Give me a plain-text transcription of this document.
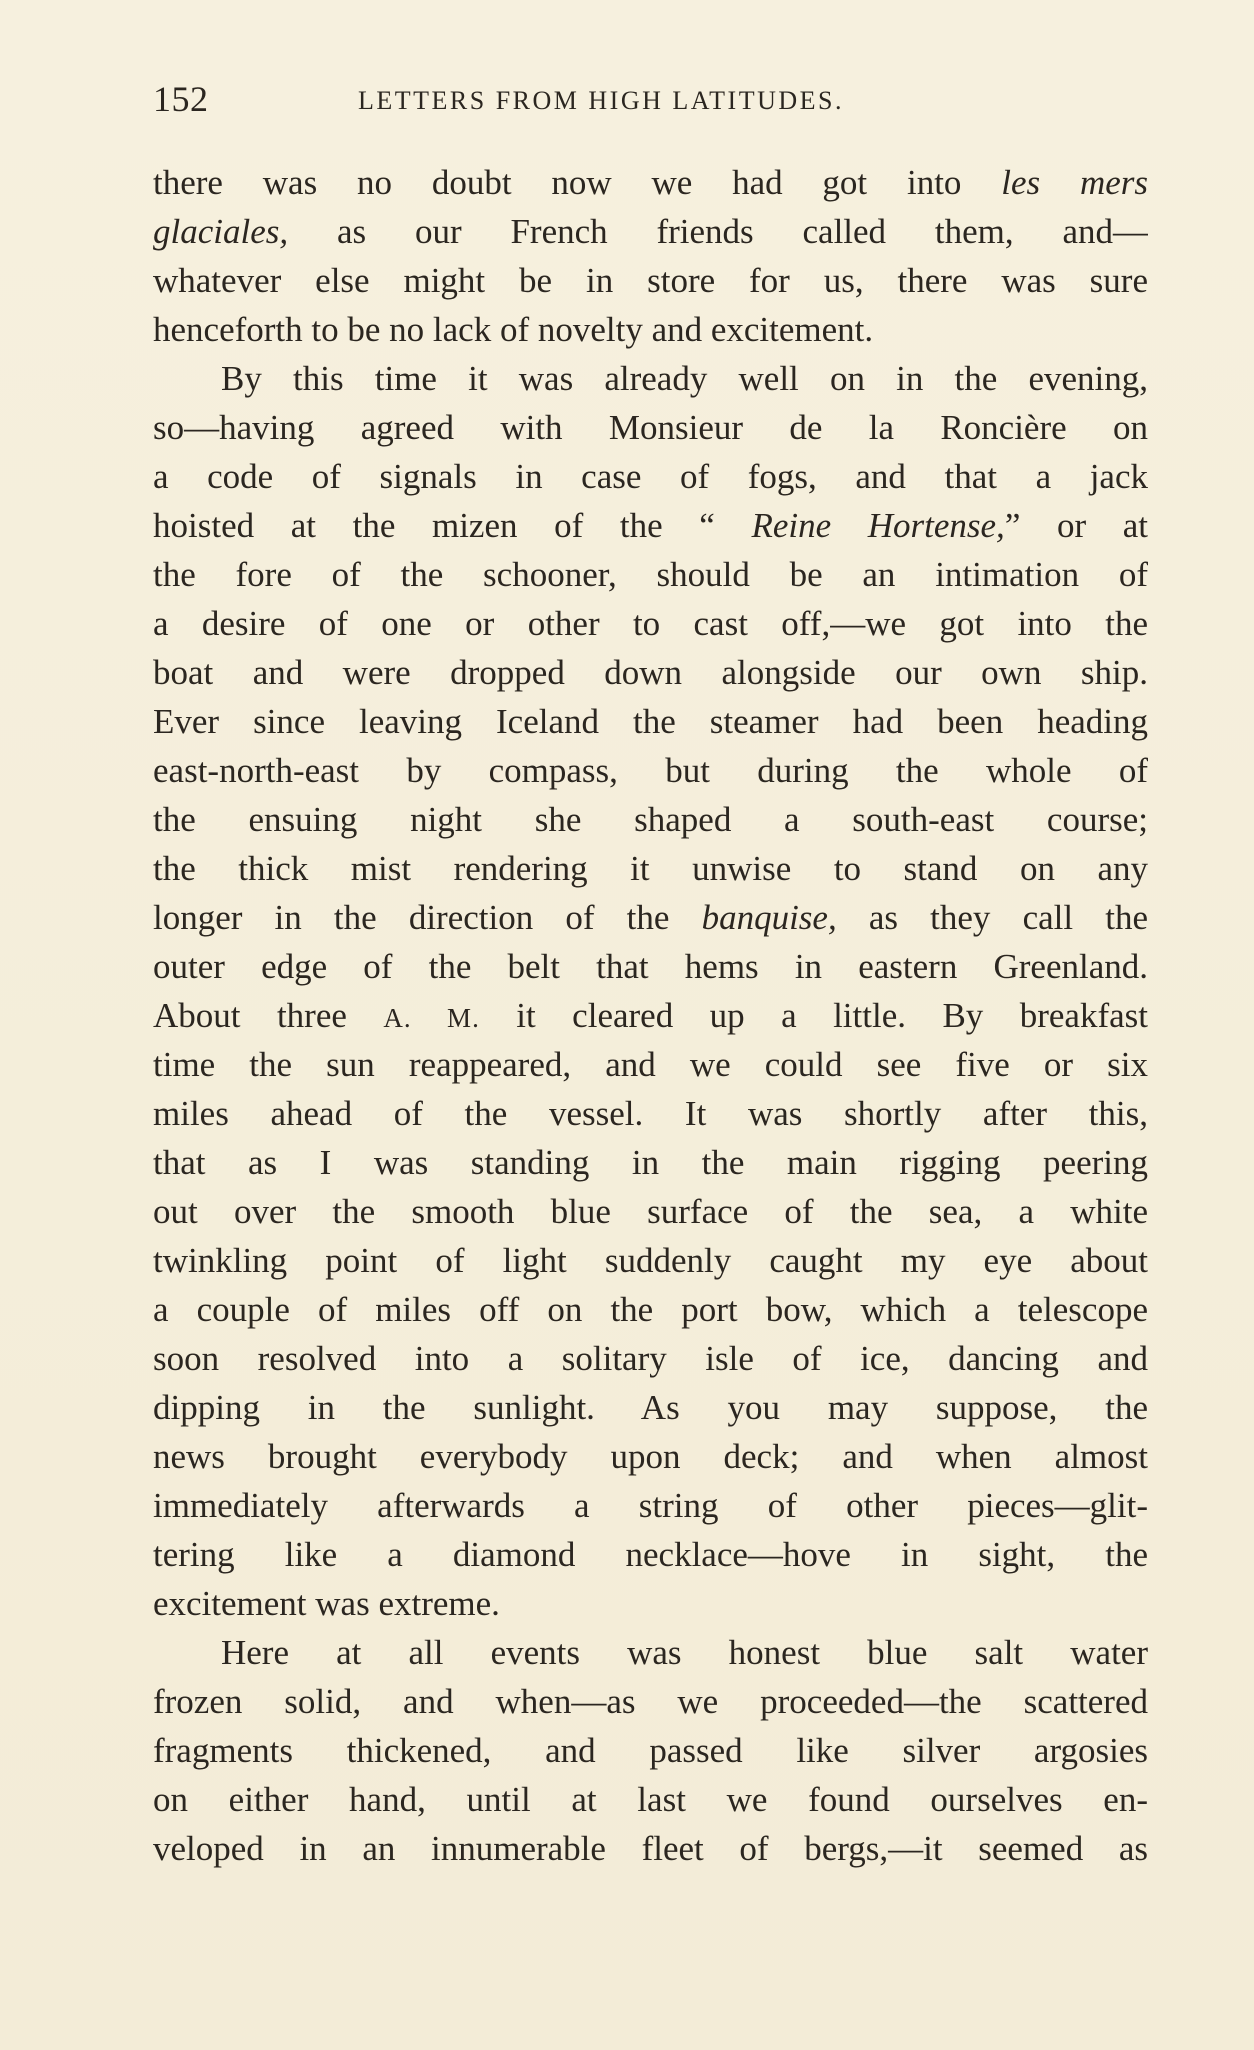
152	LETTERS FROM HIGH LATITUDES.
there was no doubt now we had got into les mers
glaciales, as our French friends called them, and—
whatever else might be in store for us, there was sure
henceforth to be no lack of novelty and excitement.
By this time it was already well on in the evening,
so—having agreed with Monsieur de la Roncière on
a code of signals in case of fogs, and that a jack
hoisted at the mizen of the “ Reine Hortense,” or at
the fore of the schooner, should be an intimation of
a desire of one or other to cast off,—we got into the
boat and were dropped down alongside our own ship.
Ever since leaving Iceland the steamer had been heading
east-north-east by compass, but during the whole of
the ensuing night she shaped a south-east course;
the thick mist rendering it unwise to stand on any
longer in the direction of the banquise, as they call the
outer edge of the belt that hems in eastern Greenland.
About three A. M. it cleared up a little. By breakfast
time the sun reappeared, and we could see five or six
miles ahead of the vessel. It was shortly after this,
that as I was standing in the main rigging peering
out over the smooth blue surface of the sea, a white
twinkling point of light suddenly caught my eye about
a couple of miles off on the port bow, which a telescope
soon resolved into a solitary isle of ice, dancing and
dipping in the sunlight. As you may suppose, the
news brought everybody upon deck; and when almost
immediately afterwards a string of other pieces—glit-
tering like a diamond necklace—hove in sight, the
excitement was extreme.
Here at all events was honest blue salt water
frozen solid, and when—as we proceeded—the scattered
fragments thickened, and passed like silver argosies
on either hand, until at last we found ourselves en-
veloped in an innumerable fleet of bergs,—it seemed as
